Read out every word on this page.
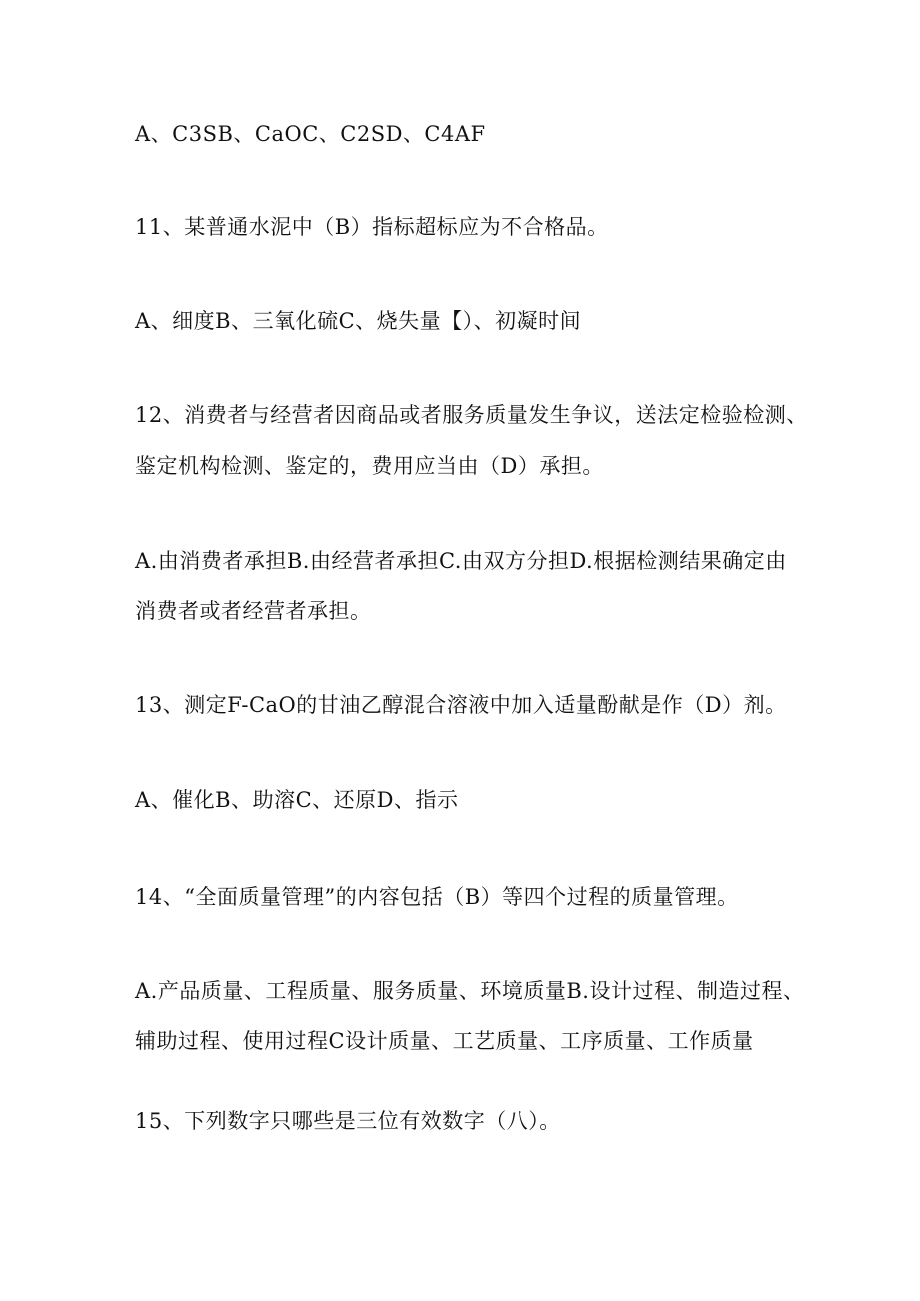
A、C3SB、CaOC、C2SD、C4AF
11、某普通水泥中（B）指标超标应为不合格品。
A、细度B、三氧化硫C、烧失量【）、初凝时间
12、消费者与经营者因商品或者服务质量发生争议，送法定检验检测、
鉴定机构检测、鉴定的，费用应当由（D）承担。
A.由消费者承担B.由经营者承担C.由双方分担D.根据检测结果确定由
消费者或者经营者承担。
13、测定F-CaO的甘油乙醇混合溶液中加入适量酚献是作（D）剂。
A、催化B、助溶C、还原D、指示
14、“全面质量管理”的内容包括（B）等四个过程的质量管理。
A.产品质量、工程质量、服务质量、环境质量B.设计过程、制造过程、
辅助过程、使用过程C设计质量、工艺质量、工序质量、工作质量
15、下列数字只哪些是三位有效数字（八）。
